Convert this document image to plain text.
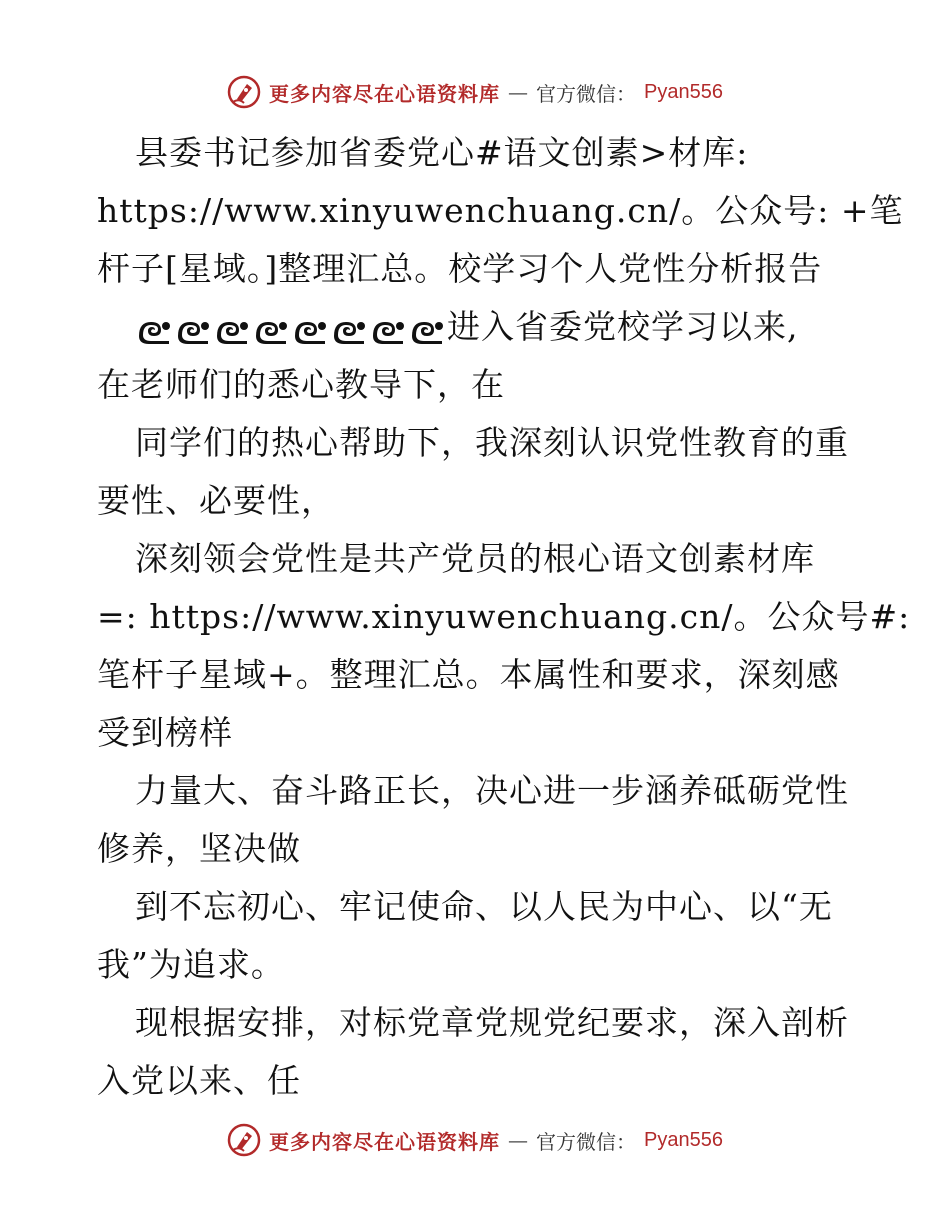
更多内容尽在心语资料库 — 官方微信： Pyan556
县委书记参加省委党心#语文创素>材库:
https://www.xinyuwenchuang.cn/。公众号: +笔
杆子[星域。]整理汇总。校学习个人党性分析报告
进入省委党校学习以来,
在老师们的悉心教导下，在
同学们的热心帮助下，我深刻认识党性教育的重
要性、必要性，
深刻领会党性是共产党员的根心语文创素材库
=: https://www.xinyuwenchuang.cn/。公众号#:
笔杆子星域+。整理汇总。本属性和要求，深刻感
受到榜样
力量大、奋斗路正长，决心进一步涵养砥砺党性
修养，坚决做
到不忘初心、牢记使命、以人民为中心、以“无
我”为追求。
现根据安排，对标党章党规党纪要求，深入剖析
入党以来、任
更多内容尽在心语资料库 — 官方微信： Pyan556
